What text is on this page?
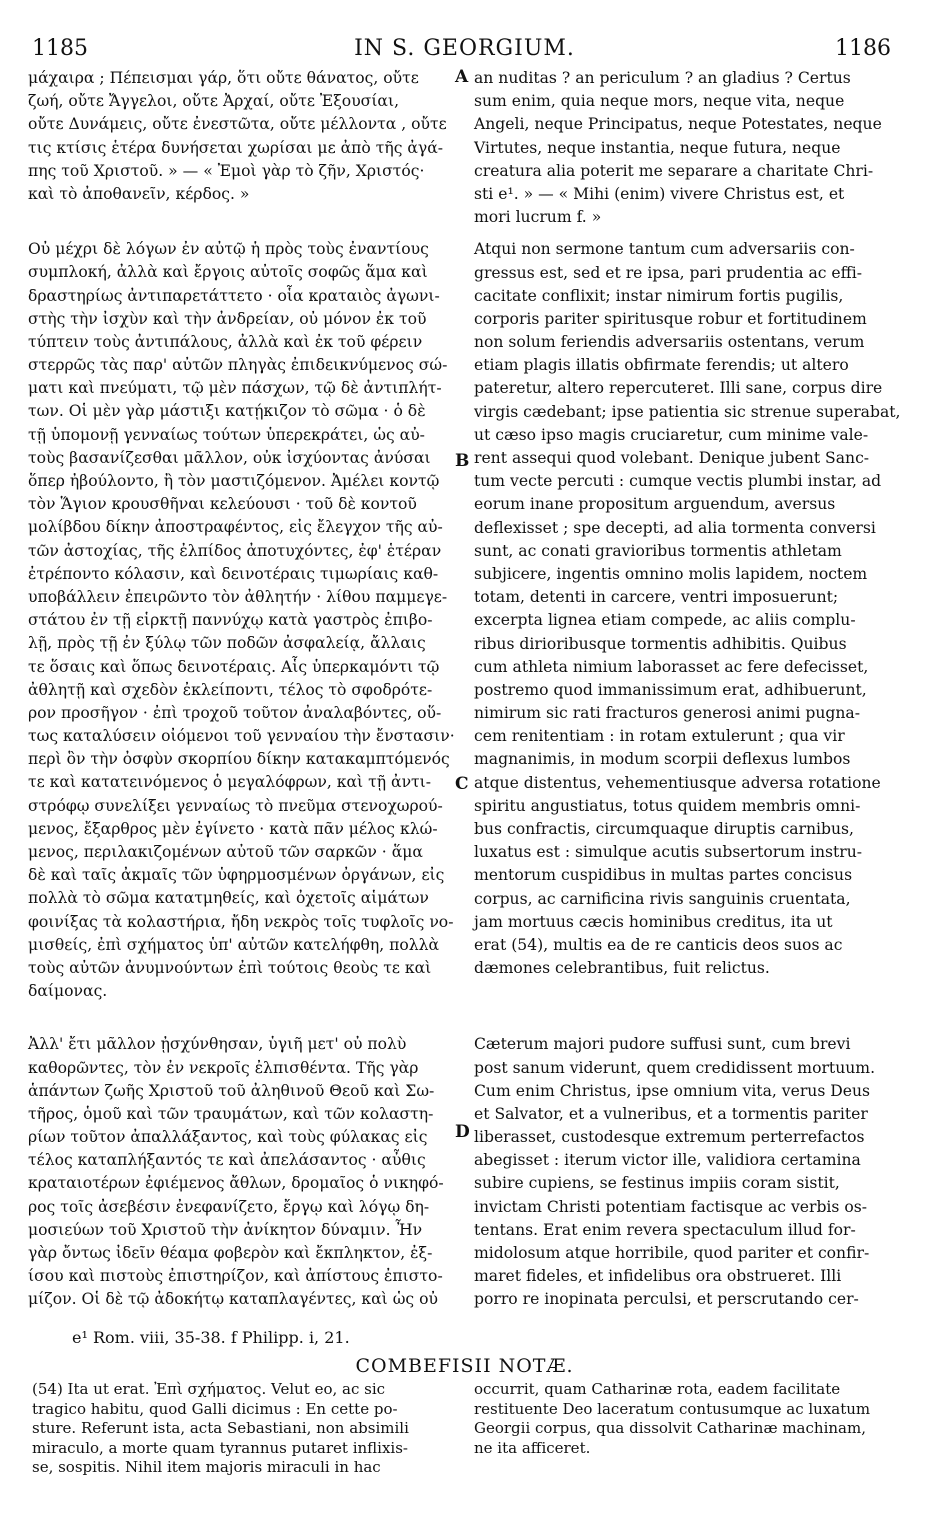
1185	IN S. GEORGIUM.	1186
μάχαιρα ; Πέπεισμαι γάρ, ὅτι οὔτε θάνατος, οὔτε
ζωή, οὔτε Ἄγγελοι, οὔτε Ἀρχαί, οὔτε Ἐξουσίαι,
οὔτε Δυνάμεις, οὔτε ἐνεστῶτα, οὔτε μέλλοντα , οὔτε
τις κτίσις ἑτέρα δυνήσεται χωρίσαι με ἀπὸ τῆς ἀγά-
πης τοῦ Χριστοῦ. » — « Ἐμοὶ γὰρ τὸ ζῆν, Χριστός·
καὶ τὸ ἀποθανεῖν, κέρδος. »
Οὐ μέχρι δὲ λόγων ἐν αὐτῷ ἡ πρὸς τοὺς ἐναντίους
συμπλοκή, ἀλλὰ καὶ ἔργοις αὐτοῖς σοφῶς ἅμα καὶ
δραστηρίως ἀντιπαρετάττετο · οἷα κραταιὸς ἀγωνι-
στὴς τὴν ἰσχὺν καὶ τὴν ἀνδρείαν, οὐ μόνον ἐκ τοῦ
τύπτειν τοὺς ἀντιπάλους, ἀλλὰ καὶ ἐκ τοῦ φέρειν
στερρῶς τὰς παρ' αὐτῶν πληγὰς ἐπιδεικνύμενος σώ-
ματι καὶ πνεύματι, τῷ μὲν πάσχων, τῷ δὲ ἀντιπλήτ-
των. Οἱ μὲν γὰρ μάστιξι κατῄκιζον τὸ σῶμα · ὁ δὲ
τῇ ὑπομονῇ γενναίως τούτων ὑπερεκράτει, ὡς αὐ-
τοὺς βασανίζεσθαι μᾶλλον, οὐκ ἰσχύοντας ἀνύσαι
ὅπερ ἠβούλοντο, ἢ τὸν μαστιζόμενον. Ἀμέλει κοντῷ
τὸν Ἅγιον κρουσθῆναι κελεύουσι · τοῦ δὲ κοντοῦ
μολίβδου δίκην ἀποστραφέντος, εἰς ἔλεγχον τῆς αὐ-
τῶν ἀστοχίας, τῆς ἐλπίδος ἀποτυχόντες, ἐφ' ἑτέραν
ἐτρέποντο κόλασιν, καὶ δεινοτέραις τιμωρίαις καθ-
υποβάλλειν ἐπειρῶντο τὸν ἀθλητήν · λίθου παμμεγε-
στάτου ἐν τῇ εἱρκτῇ παννύχῳ κατὰ γαστρὸς ἐπιβο-
λῇ, πρὸς τῇ ἐν ξύλῳ τῶν ποδῶν ἀσφαλείᾳ, ἄλλαις
τε ὅσαις καὶ ὅπως δεινοτέραις. Αἷς ὑπερκαμόντι τῷ
ἀθλητῇ καὶ σχεδὸν ἐκλείποντι, τέλος τὸ σφοδρότε-
ρον προσῆγον · ἐπὶ τροχοῦ τοῦτον ἀναλαβόντες, οὕ-
τως καταλύσειν οἰόμενοι τοῦ γενναίου τὴν ἔνστασιν·
περὶ ὃν τὴν ὀσφὺν σκορπίου δίκην κατακαμπτόμενός
τε καὶ κατατεινόμενος ὁ μεγαλόφρων, καὶ τῇ ἀντι-
στρόφῳ συνελίξει γενναίως τὸ πνεῦμα στενοχωρού-
μενος, ἔξαρθρος μὲν ἐγίνετο · κατὰ πᾶν μέλος κλώ-
μενος, περιλακιζομένων αὐτοῦ τῶν σαρκῶν · ἅμα
δὲ καὶ ταῖς ἀκμαῖς τῶν ὑφηρμοσμένων ὀργάνων, εἰς
πολλὰ τὸ σῶμα κατατμηθείς, καὶ ὀχετοῖς αἱμάτων
φοινίξας τὰ κολαστήρια, ἤδη νεκρὸς τοῖς τυφλοῖς νο-
μισθείς, ἐπὶ σχήματος ὑπ' αὐτῶν κατελήφθη, πολλὰ
τοὺς αὐτῶν ἀνυμνούντων ἐπὶ τούτοις θεοὺς τε καὶ
δαίμονας.
Ἀλλ' ἔτι μᾶλλον ᾐσχύνθησαν, ὑγιῆ μετ' οὐ πολὺ
καθορῶντες, τὸν ἐν νεκροῖς ἐλπισθέντα. Τῆς γὰρ
ἁπάντων ζωῆς Χριστοῦ τοῦ ἀληθινοῦ Θεοῦ καὶ Σω-
τῆρος, ὁμοῦ καὶ τῶν τραυμάτων, καὶ τῶν κολαστη-
ρίων τοῦτον ἀπαλλάξαντος, καὶ τοὺς φύλακας εἰς
τέλος καταπλήξαντός τε καὶ ἀπελάσαντος · αὖθις
κραταιοτέρων ἐφιέμενος ἄθλων, δρομαῖος ὁ νικηφό-
ρος τοῖς ἀσεβέσιν ἐνεφανίζετο, ἔργῳ καὶ λόγῳ δη-
μοσιεύων τοῦ Χριστοῦ τὴν ἀνίκητον δύναμιν. Ἦν
γὰρ ὄντως ἰδεῖν θέαμα φοβερὸν καὶ ἔκπληκτον, ἐξ-
ίσου καὶ πιστοὺς ἐπιστηρίζον, καὶ ἀπίστους ἐπιστο-
μίζον. Οἱ δὲ τῷ ἀδοκήτῳ καταπλαγέντες, καὶ ὡς οὐ
an nuditas ? an periculum ? an gladius ? Certus
sum enim, quia neque mors, neque vita, neque
Angeli, neque Principatus, neque Potestates, neque
Virtutes, neque instantia, neque futura, neque
creatura alia poterit me separare a charitate Chri-
sti e¹. » — « Mihi (enim) vivere Christus est, et
mori lucrum f. »
Atqui non sermone tantum cum adversariis con-
gressus est, sed et re ipsa, pari prudentia ac effi-
cacitate conflixit; instar nimirum fortis pugilis,
corporis pariter spiritusque robur et fortitudinem
non solum feriendis adversariis ostentans, verum
etiam plagis illatis obfirmate ferendis; ut altero
pateretur, altero repercuteret. Illi sane, corpus dire
virgis cædebant; ipse patientia sic strenue superabat,
ut cæso ipso magis cruciaretur, cum minime vale-
rent assequi quod volebant. Denique jubent Sanc-
tum vecte percuti : cumque vectis plumbi instar, ad
eorum inane propositum arguendum, aversus
deflexisset ; spe decepti, ad alia tormenta conversi
sunt, ac conati gravioribus tormentis athletam
subjicere, ingentis omnino molis lapidem, noctem
totam, detenti in carcere, ventri imposuerunt;
excerpta lignea etiam compede, ac aliis complu-
ribus dirioribusque tormentis adhibitis. Quibus
cum athleta nimium laborasset ac fere defecisset,
postremo quod immanissimum erat, adhibuerunt,
nimirum sic rati fracturos generosi animi pugna-
cem renitentiam : in rotam extulerunt ; qua vir
magnanimis, in modum scorpii deflexus lumbos
atque distentus, vehementiusque adversa rotatione
spiritu angustiatus, totus quidem membris omni-
bus confractis, circumquaque diruptis carnibus,
luxatus est : simulque acutis subsertorum instru-
mentorum cuspidibus in multas partes concisus
corpus, ac carnificina rivis sanguinis cruentata,
jam mortuus cæcis hominibus creditus, ita ut
erat (54), multis ea de re canticis deos suos ac
dæmones celebrantibus, fuit relictus.
Cæterum majori pudore suffusi sunt, cum brevi
post sanum viderunt, quem credidissent mortuum.
Cum enim Christus, ipse omnium vita, verus Deus
et Salvator, et a vulneribus, et a tormentis pariter
liberasset, custodesque extremum perterrefactos
abegisset : iterum victor ille, validiora certamina
subire cupiens, se festinus impiis coram sistit,
invictam Christi potentiam factisque ac verbis os-
tentans. Erat enim revera spectaculum illud for-
midolosum atque horribile, quod pariter et confir-
maret fideles, et infidelibus ora obstrueret. Illi
porro re inopinata perculsi, et perscrutando cer-
A
B
C
D
e¹ Rom. viii, 35-38. f Philipp. i, 21.
COMBEFISII NOTÆ.
(54) Ita ut erat. Ἐπὶ σχήματος. Velut eo, ac sic
tragico habitu, quod Galli dicimus : En cette po-
sture. Referunt ista, acta Sebastiani, non absimili
miraculo, a morte quam tyrannus putaret inflixis-
se, sospitis. Nihil item majoris miraculi in hac
occurrit, quam Catharinæ rota, eadem facilitate
restituente Deo laceratum contusumque ac luxatum
Georgii corpus, qua dissolvit Catharinæ machinam,
ne ita afficeret.
